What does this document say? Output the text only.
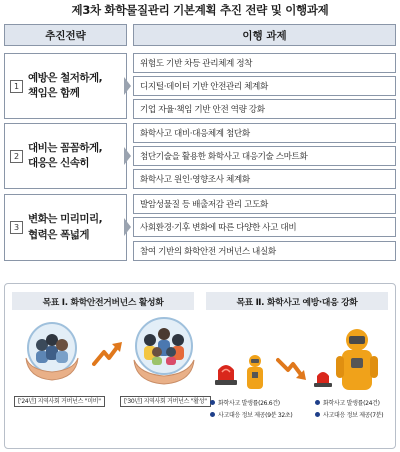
제3차 화학물질관리 기본계획 추진 전략 및 이행과제
추진전략	이행 과제
1
예방은 철저하게,
책임은 함께
위험도 기반 차등 관리체계 정착
디지털·데이터 기반 안전관리 체계화
기업 자율·책임 기반 안전 역량 강화
2
대비는 꼼꼼하게,
대응은 신속히
화학사고 대비·대응체계 첨단화
첨단기술을 활용한 화학사고 대응기술 스마트화
화학사고 원인·영향조사 체계화
3
변화는 미리미리,
협력은 폭넓게
발암성물질 등 배출저감 관리 고도화
사회환경·기후 변화에 따른 다양한 사고 대비
참여 기반의 화학안전 거버넌스 내실화
목표 Ⅰ. 화학안전거버넌스 활성화	목표 Ⅱ. 화학사고 예방·대응 강화
['24년] 지역사회 거버넌스 "미비"	['30년] 지역사회 거버넌스 "활성"	화학사고 발생률(26.6건)
사고대응 정보 제공(9분 32초)
화학사고 발생률(24건)
사고대응 정보 제공(7분)
